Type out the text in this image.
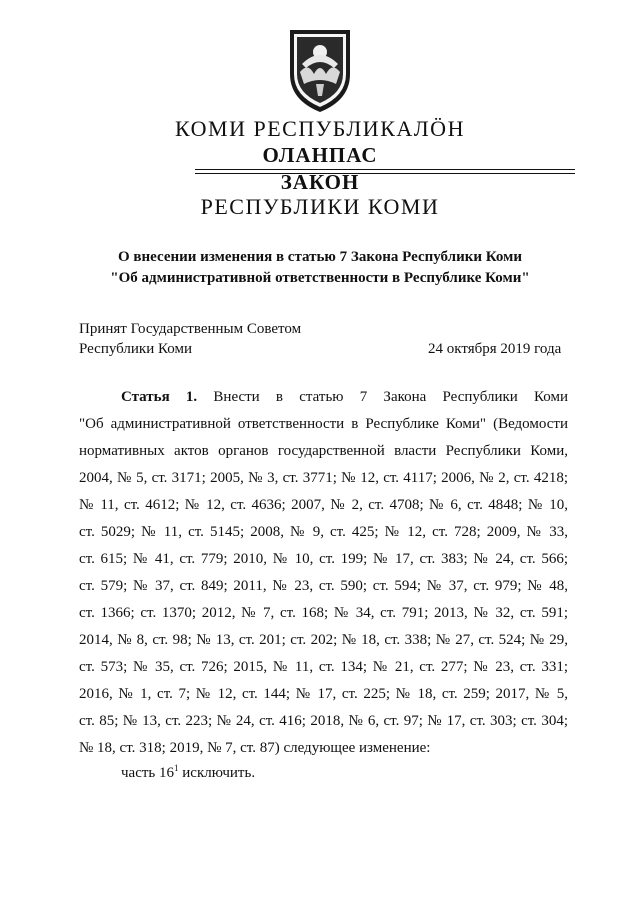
КОМИ РЕСПУБЛИКАЛÖН
ОЛАНПАС
ЗАКОН
РЕСПУБЛИКИ КОМИ
О внесении изменения в статью 7 Закона Республики Коми
"Об административной ответственности в Республике Коми"
Принят Государственным Советом
Республики Коми	24 октября 2019 года
Статья 1. Внести в статью 7 Закона Республики Коми
"Об административной ответственности в Республике Коми" (Ведомости
нормативных актов органов государственной власти Республики Коми,
2004, № 5, ст. 3171; 2005, № 3, ст. 3771; № 12, ст. 4117; 2006, № 2, ст. 4218;
№ 11, ст. 4612; № 12, ст. 4636; 2007, № 2, ст. 4708; № 6, ст. 4848; № 10,
ст. 5029; № 11, ст. 5145; 2008, № 9, ст. 425; № 12, ст. 728; 2009, № 33,
ст. 615; № 41, ст. 779; 2010, № 10, ст. 199; № 17, ст. 383; № 24, ст. 566;
ст. 579; № 37, ст. 849; 2011, № 23, ст. 590; ст. 594; № 37, ст. 979; № 48,
ст. 1366; ст. 1370; 2012, № 7, ст. 168; № 34, ст. 791; 2013, № 32, ст. 591;
2014, № 8, ст. 98; № 13, ст. 201; ст. 202; № 18, ст. 338; № 27, ст. 524; № 29,
ст. 573; № 35, ст. 726; 2015, № 11, ст. 134; № 21, ст. 277; № 23, ст. 331;
2016, № 1, ст. 7; № 12, ст. 144; № 17, ст. 225; № 18, ст. 259; 2017, № 5,
ст. 85; № 13, ст. 223; № 24, ст. 416; 2018, № 6, ст. 97; № 17, ст. 303; ст. 304;
№ 18, ст. 318; 2019, № 7, ст. 87) следующее изменение:
часть $16^1$ исключить.
